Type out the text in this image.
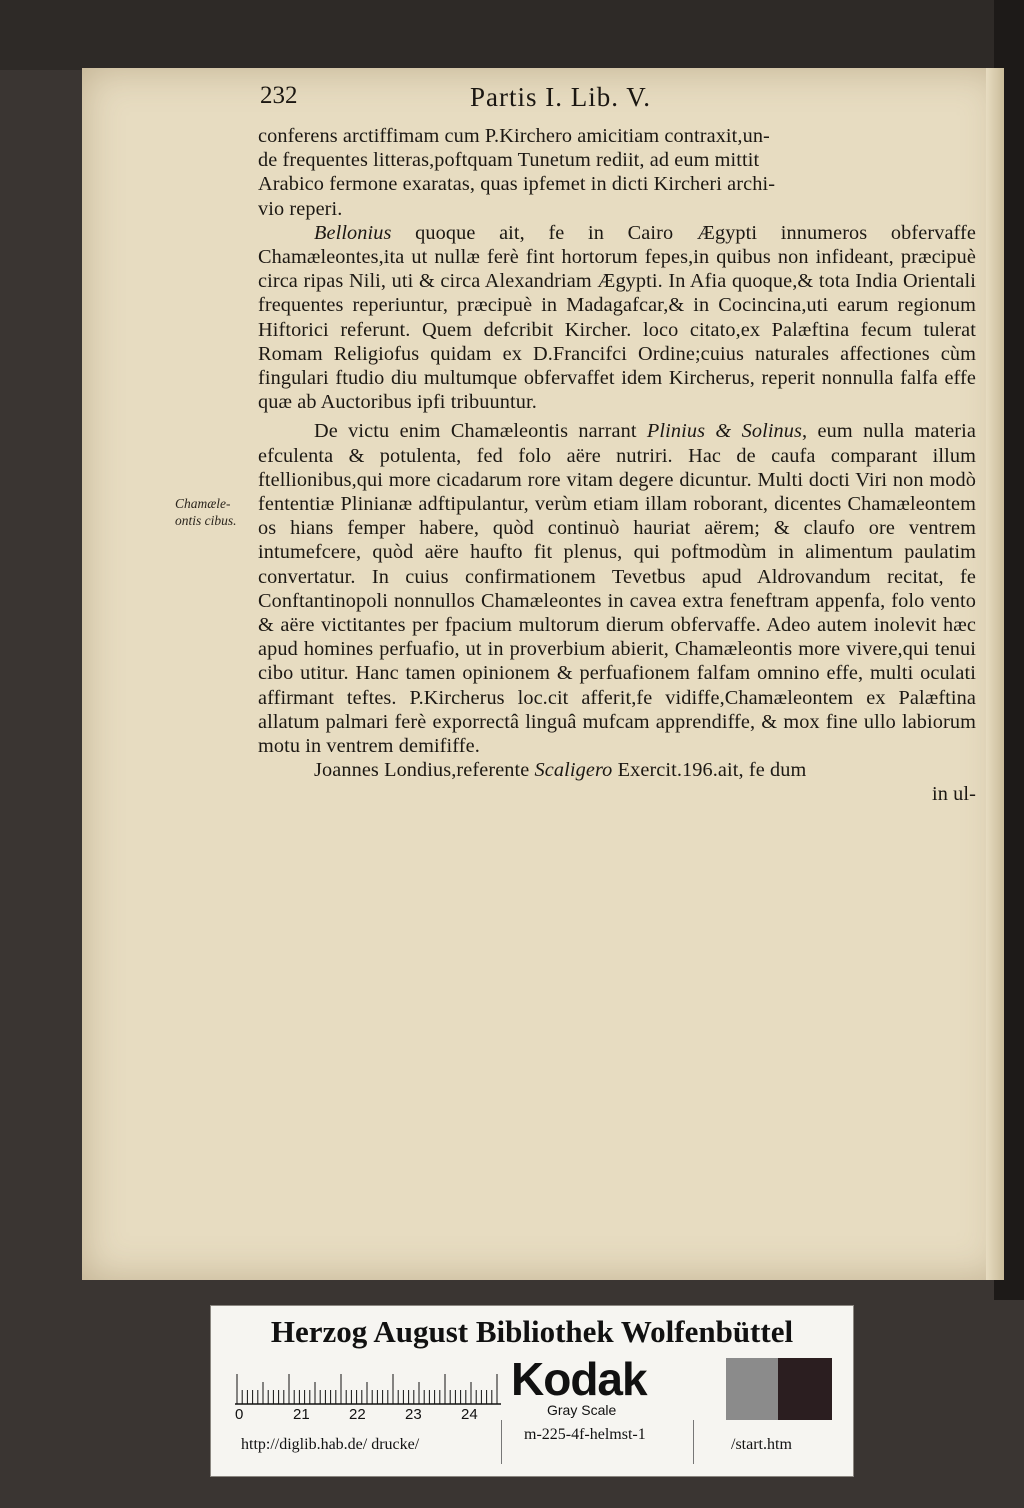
232	Partis I. Lib. V.
Chamæle-
ontis cibus.

conferens arctiffimam cum P.Kirchero amicitiam contraxit,un-

de frequentes litteras,poftquam Tunetum rediit, ad eum mittit

Arabico fermone exaratas, quas ipfemet in dicti Kircheri archi-

vio reperi.

Bellonius quoque ait, fe in Cairo Ægypti innumeros obfervaffe Chamæleontes,ita ut nullæ ferè fint hortorum fepes,in quibus non infideant, præcipuè circa ripas Nili, uti & circa Alexandriam Ægypti. In Afia quoque,& tota India Orientali frequentes reperiuntur, præcipuè in Madagafcar,& in Cocincina,uti earum regionum Hiftorici referunt. Quem defcribit Kircher. loco citato,ex Palæftina fecum tulerat Romam Religiofus quidam ex D.Francifci Ordine;cuius naturales affectiones cùm fingulari ftudio diu multumque obfervaffet idem Kircherus, reperit nonnulla falfa effe quæ ab Auctoribus ipfi tribuuntur.

De victu enim Chamæleontis narrant Plinius & Solinus, eum nulla materia efculenta & potulenta, fed folo aëre nutriri. Hac de caufa comparant illum ftellionibus,qui more cicadarum rore vitam degere dicuntur. Multi docti Viri non modò fententiæ Plinianæ adftipulantur, verùm etiam illam roborant, dicentes Chamæleontem os hians femper habere, quòd continuò hauriat aërem; & claufo ore ventrem intumefcere, quòd aëre haufto fit plenus, qui poftmodùm in alimentum paulatim convertatur. In cuius confirmationem Tevetbus apud Aldrovandum recitat, fe Conftantinopoli nonnullos Chamæleontes in cavea extra feneftram appenfa, folo vento & aëre victitantes per fpacium multorum dierum obfervaffe. Adeo autem inolevit hæc apud homines perfuafio, ut in proverbium abierit, Chamæleontis more vivere,qui tenui cibo utitur. Hanc tamen opinionem & perfuafionem falfam omnino effe, multi oculati affirmant teftes. P.Kircherus loc.cit afferit,fe vidiffe,Chamæleontem ex Palæftina allatum palmari ferè exporrectâ linguâ mufcam apprendiffe, & mox fine ullo labiorum motu in ventrem demififfe.

Joannes Londius,referente Scaligero Exercit.196.ait, fe dum

in ul-

Herzog August Bibliothek Wolfenbüttel
0	21	22	23	24
Kodak
Gray Scale
http://diglib.hab.de/ drucke/
m-225-4f-helmst-1
/start.htm
